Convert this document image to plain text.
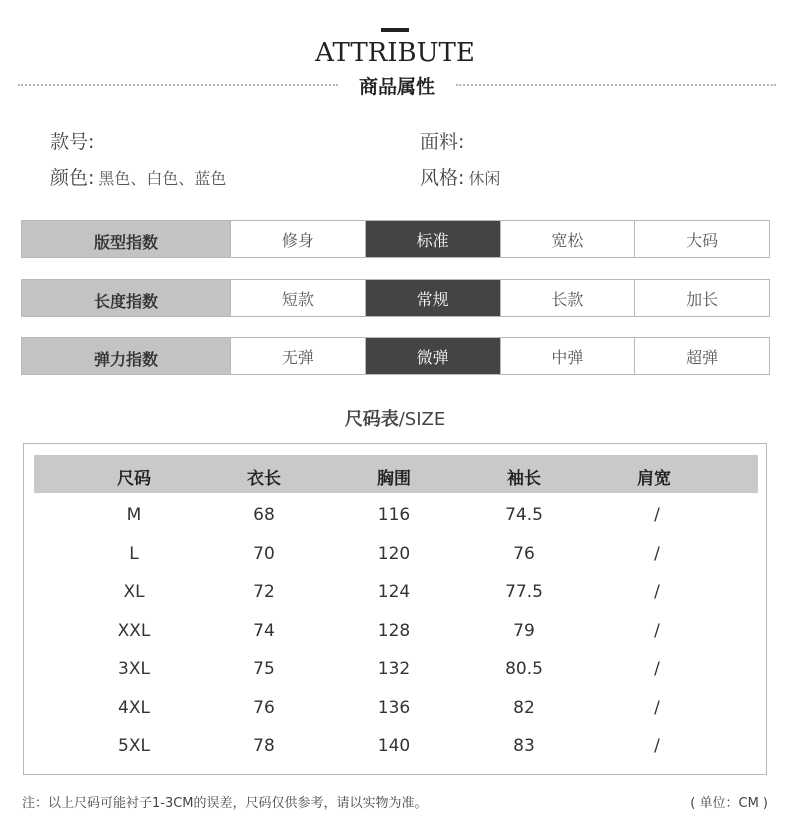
ATTRIBUTE
商品属性
款号:	面料:
颜色: 黑色、白色、蓝色	风格: 休闲
版型指数	修身	标准	宽松	大码
长度指数	短款	常规	长款	加长
弹力指数	无弹	微弹	中弹	超弹
尺码表/SIZE
尺码	衣长	胸围	袖长	肩宽
M	68	116	74.5	/
L	70	120	76	/
XL	72	124	77.5	/
XXL	74	128	79	/
3XL	75	132	80.5	/
4XL	76	136	82	/
5XL	78	140	83	/
注：以上尺码可能衬子1-3CM的误差，尺码仅供参考，请以实物为准。	( 单位：CM )
